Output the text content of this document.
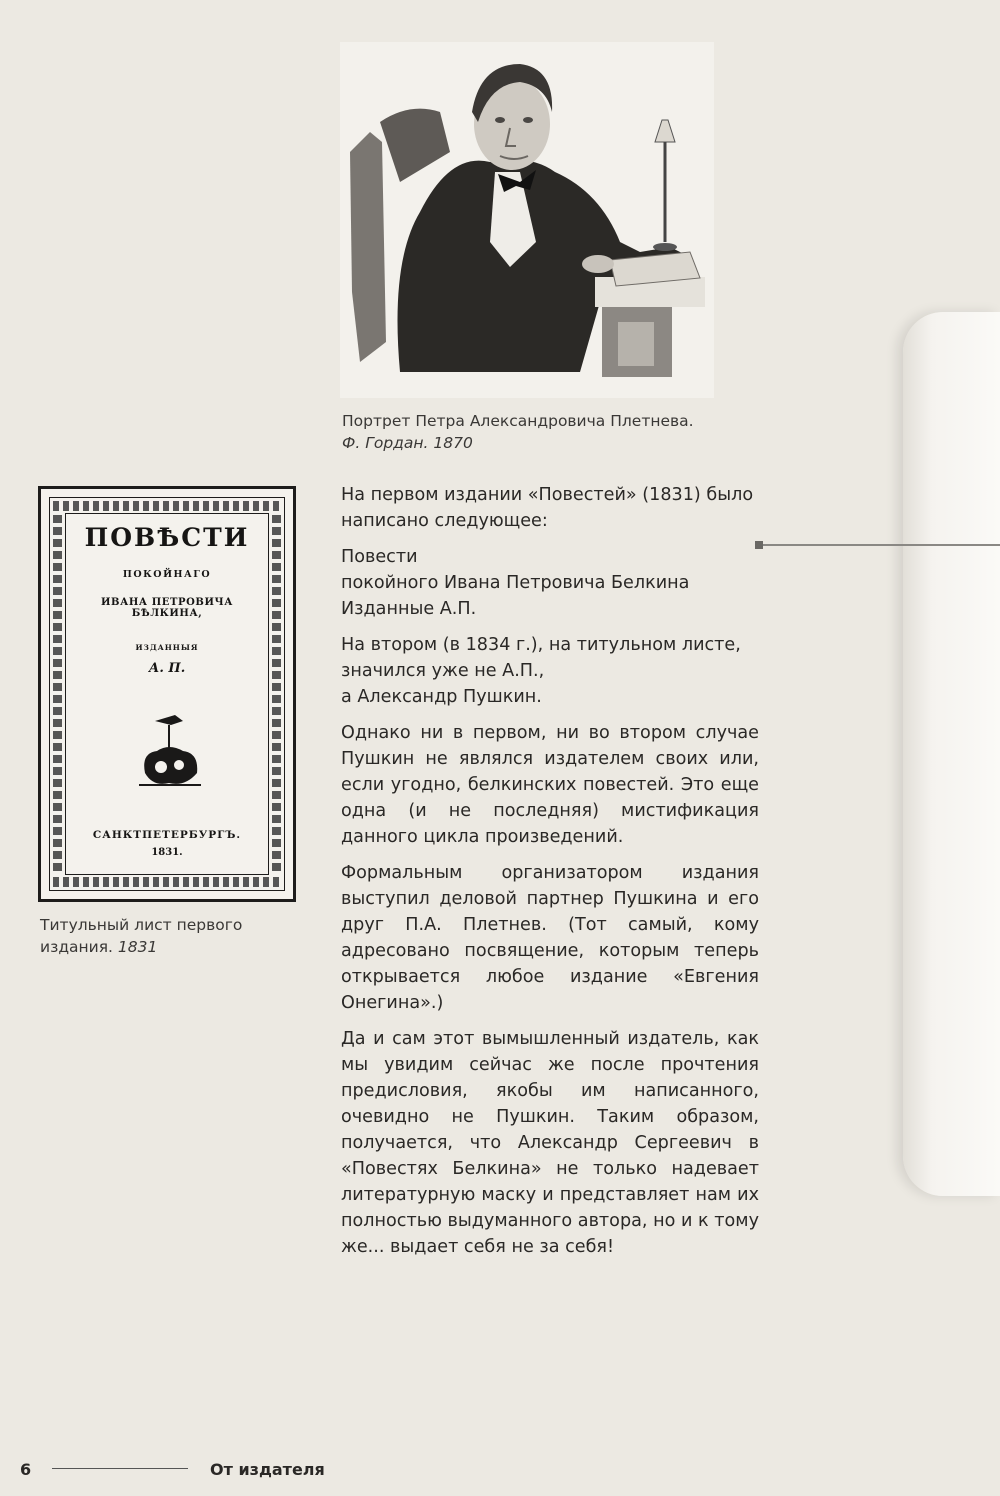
Портрет Петра Александровича Плетнева.
Ф. Гордан. 1870
ПОВѢСТИ
ПОКОЙНАГО
ИВАНА ПЕТРОВИЧА БѢЛКИНА,
ИЗДАННЫЯ
А. П.
САНКТПЕТЕРБУРГЪ.
1831.
Титульный лист первого издания. 1831

На первом издании «Повестей» (1831) было написано следующее:

Повести
покойного Ивана Петровича Белкина
Изданные А.П.

На втором (в 1834 г.), на титульном листе,
значился уже не А.П.,
а Александр Пушкин.

Однако ни в первом, ни во втором случае Пушкин не являлся издателем своих или, если угодно, белкинских повестей. Это еще одна (и не последняя) мистификация данного цикла произведений.

Формальным организатором издания выступил деловой партнер Пушкина и его друг П.А. Плетнев. (Тот самый, кому адресовано посвящение, которым теперь открывается любое издание «Евгения Онегина».)

Да и сам этот вымышленный издатель, как мы увидим сейчас же после прочтения предисловия, якобы им написанного, очевидно не Пушкин. Таким образом, получается, что Александр Сергеевич в «Повестях Белкина» не только надевает литературную маску и представляет нам их полностью выдуманного автора, но и к тому же... выдает себя не за себя!

6	От издателя
